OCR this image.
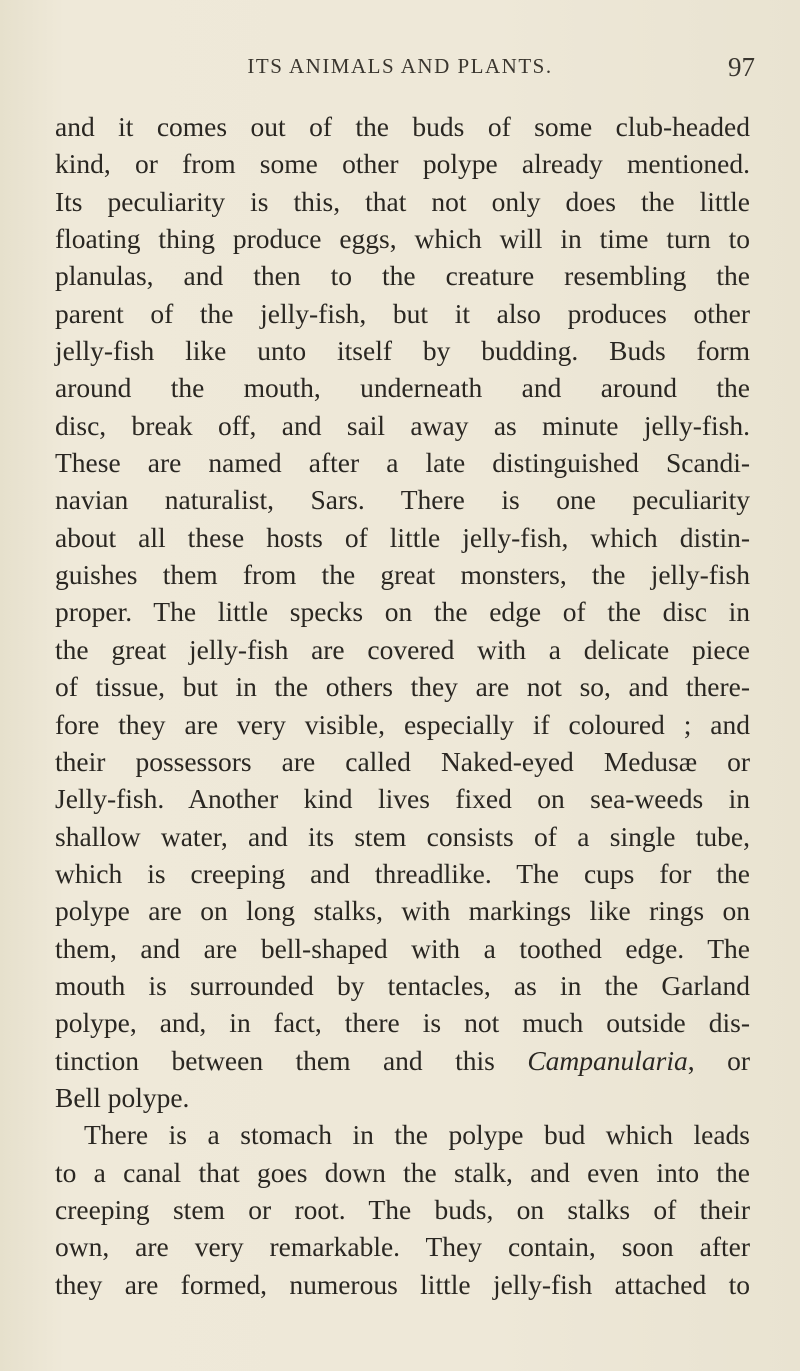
ITS ANIMALS AND PLANTS.	97
and it comes out of the buds of some club-headed
kind, or from some other polype already mentioned.
Its peculiarity is this, that not only does the little
floating thing produce eggs, which will in time turn to
planulas, and then to the creature resembling the
parent of the jelly-fish, but it also produces other
jelly-fish like unto itself by budding. Buds form
around the mouth, underneath and around the
disc, break off, and sail away as minute jelly-fish.
These are named after a late distinguished Scandi-
navian naturalist, Sars. There is one peculiarity
about all these hosts of little jelly-fish, which distin-
guishes them from the great monsters, the jelly-fish
proper. The little specks on the edge of the disc in
the great jelly-fish are covered with a delicate piece
of tissue, but in the others they are not so, and there-
fore they are very visible, especially if coloured ; and
their possessors are called Naked-eyed Medusæ or
Jelly-fish. Another kind lives fixed on sea-weeds in
shallow water, and its stem consists of a single tube,
which is creeping and threadlike. The cups for the
polype are on long stalks, with markings like rings on
them, and are bell-shaped with a toothed edge. The
mouth is surrounded by tentacles, as in the Garland
polype, and, in fact, there is not much outside dis-
tinction between them and this Campanularia, or
Bell polype.
There is a stomach in the polype bud which leads
to a canal that goes down the stalk, and even into the
creeping stem or root. The buds, on stalks of their
own, are very remarkable. They contain, soon after
they are formed, numerous little jelly-fish attached to
